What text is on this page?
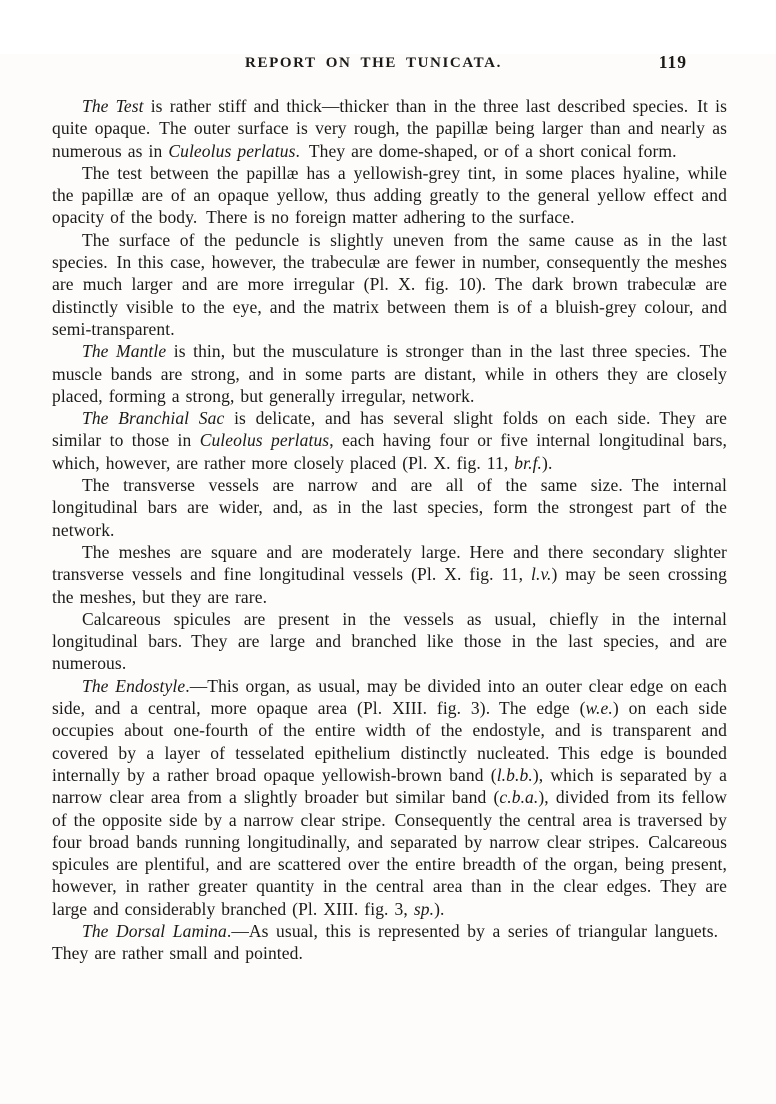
REPORT ON THE TUNICATA.	119

The Test is rather stiff and thick—thicker than in the three last described species. It is quite opaque. The outer surface is very rough, the papillæ being larger than and nearly as numerous as in Culeolus perlatus. They are dome-shaped, or of a short conical form.

The test between the papillæ has a yellowish-grey tint, in some places hyaline, while the papillæ are of an opaque yellow, thus adding greatly to the general yellow effect and opacity of the body. There is no foreign matter adhering to the surface.

The surface of the peduncle is slightly uneven from the same cause as in the last species. In this case, however, the trabeculæ are fewer in number, consequently the meshes are much larger and are more irregular (Pl. X. fig. 10). The dark brown trabeculæ are distinctly visible to the eye, and the matrix between them is of a bluish-grey colour, and semi-transparent.

The Mantle is thin, but the musculature is stronger than in the last three species. The muscle bands are strong, and in some parts are distant, while in others they are closely placed, forming a strong, but generally irregular, network.

The Branchial Sac is delicate, and has several slight folds on each side. They are similar to those in Culeolus perlatus, each having four or five internal longitudinal bars, which, however, are rather more closely placed (Pl. X. fig. 11, br.f.).

The transverse vessels are narrow and are all of the same size. The internal longitudinal bars are wider, and, as in the last species, form the strongest part of the network.

The meshes are square and are moderately large. Here and there secondary slighter transverse vessels and fine longitudinal vessels (Pl. X. fig. 11, l.v.) may be seen crossing the meshes, but they are rare.

Calcareous spicules are present in the vessels as usual, chiefly in the internal longitudinal bars. They are large and branched like those in the last species, and are numerous.

The Endostyle.—This organ, as usual, may be divided into an outer clear edge on each side, and a central, more opaque area (Pl. XIII. fig. 3). The edge (w.e.) on each side occupies about one-fourth of the entire width of the endostyle, and is transparent and covered by a layer of tesselated epithelium distinctly nucleated. This edge is bounded internally by a rather broad opaque yellowish-brown band (l.b.b.), which is separated by a narrow clear area from a slightly broader but similar band (c.b.a.), divided from its fellow of the opposite side by a narrow clear stripe. Consequently the central area is traversed by four broad bands running longitudinally, and separated by narrow clear stripes. Calcareous spicules are plentiful, and are scattered over the entire breadth of the organ, being present, however, in rather greater quantity in the central area than in the clear edges. They are large and considerably branched (Pl. XIII. fig. 3, sp.).

The Dorsal Lamina.—As usual, this is represented by a series of triangular languets. They are rather small and pointed.
